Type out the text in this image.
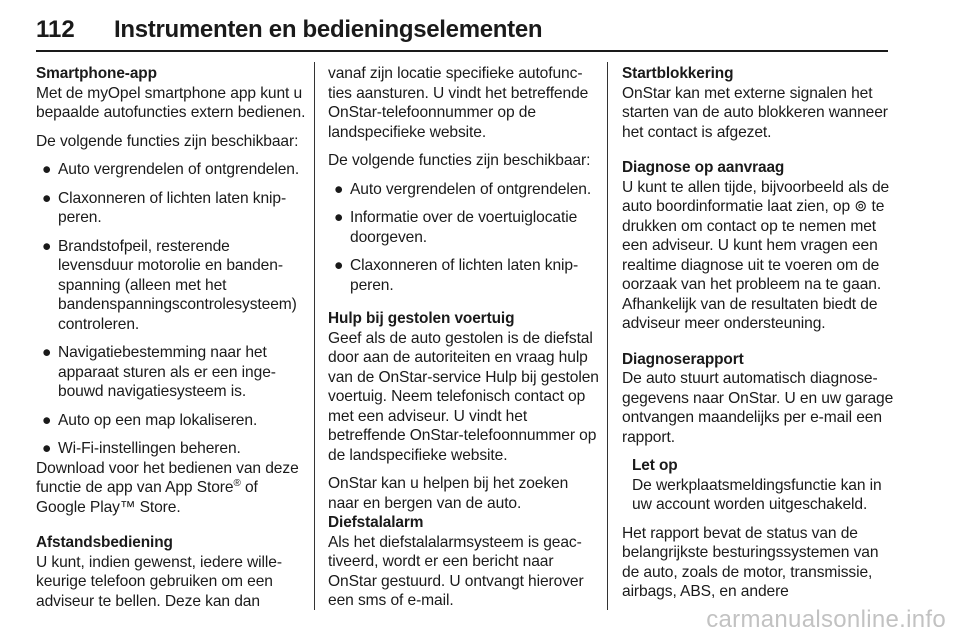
112 Instrumenten en bedieningselementen
Smartphone-app

Met de myOpel smartphone app kunt u bepaalde autofuncties extern bedienen.

De volgende functies zijn beschikbaar:

● Auto vergrendelen of ontgrendelen.
● Claxonneren of lichten laten knipperen.
● Brandstofpeil, resterende levensduur motorolie en bandenspanning (alleen met het bandenspanningscontrolesysteem) controleren.
● Navigatiebestemming naar het apparaat sturen als er een ingebouwd navigatiesysteem is.
● Auto op een map lokaliseren.
● Wi-Fi-instellingen beheren.

Download voor het bedienen van deze functie de app van App Store® of Google Play™ Store.

Afstandsbediening

U kunt, indien gewenst, iedere willekeurige telefoon gebruiken om een adviseur te bellen. Deze kan dan

vanaf zijn locatie specifieke autofuncties aansturen. U vindt het betreffende OnStar-telefoonnummer op de landspecifieke website.

De volgende functies zijn beschikbaar:

● Auto vergrendelen of ontgrendelen.
● Informatie over de voertuiglocatie doorgeven.
● Claxonneren of lichten laten knipperen.
Hulp bij gestolen voertuig

Geef als de auto gestolen is de diefstal door aan de autoriteiten en vraag hulp van de OnStar-service Hulp bij gestolen voertuig. Neem telefonisch contact op met een adviseur. U vindt het betreffende OnStar-telefoonnummer op de landspecifieke website.

OnStar kan u helpen bij het zoeken naar en bergen van de auto.

Diefstalalarm

Als het diefstalalarmsysteem is geactiveerd, wordt er een bericht naar OnStar gestuurd. U ontvangt hierover een sms of e-mail.

Startblokkering

OnStar kan met externe signalen het starten van de auto blokkeren wanneer het contact is afgezet.

Diagnose op aanvraag

U kunt te allen tijde, bijvoorbeeld als de auto boordinformatie laat zien, op ⊚ te drukken om contact op te nemen met een adviseur. U kunt hem vragen een realtime diagnose uit te voeren om de oorzaak van het probleem na te gaan. Afhankelijk van de resultaten biedt de adviseur meer ondersteuning.

Diagnoserapport

De auto stuurt automatisch diagnosegegevens naar OnStar. U en uw garage ontvangen maandelijks per e-mail een rapport.

Let op
De werkplaatsmeldingsfunctie kan in uw account worden uitgeschakeld.

Het rapport bevat de status van de belangrijkste besturingssystemen van de auto, zoals de motor, transmissie, airbags, ABS, en andere

carmanualsonline.info
